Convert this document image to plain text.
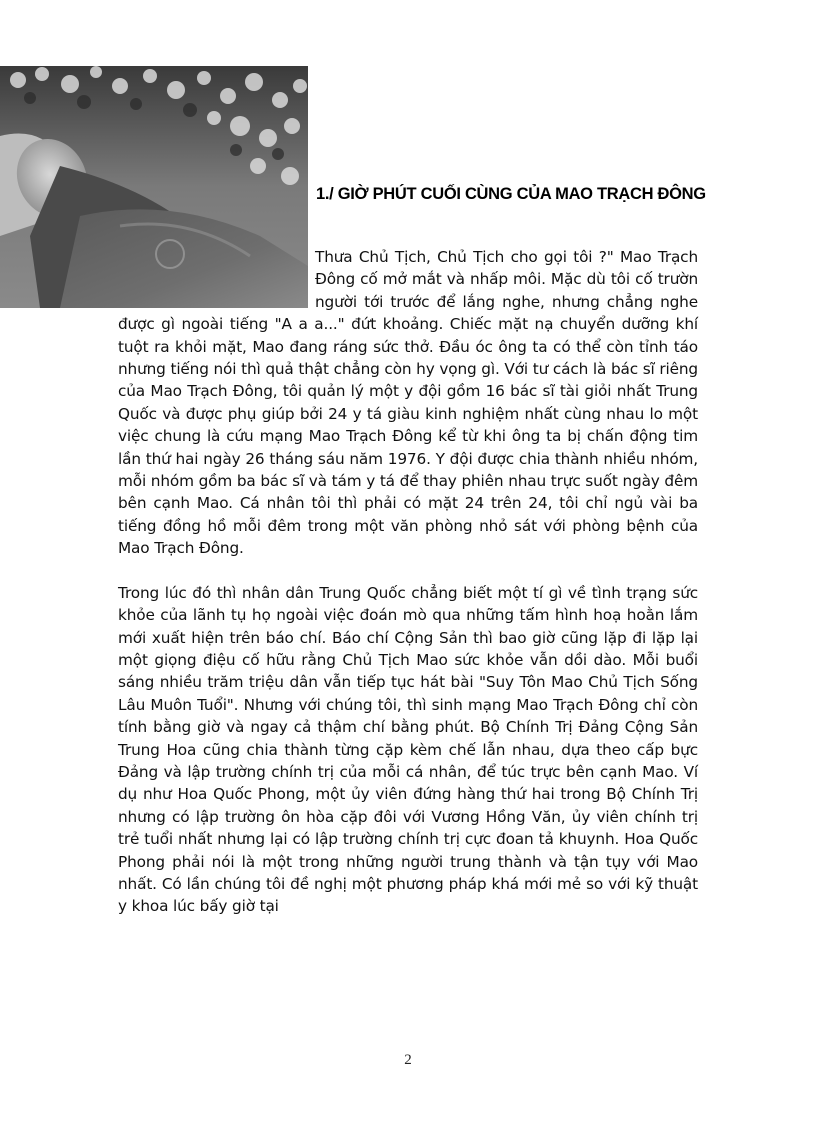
1./ GIỜ PHÚT CUỐI CÙNG CỦA MAO TRẠCH ĐÔNG

Thưa Chủ Tịch, Chủ Tịch cho gọi tôi ?" Mao Trạch Đông cố mở mắt và nhấp môi. Mặc dù tôi cố trườn người tới trước để lắng nghe, nhưng chẳng nghe được gì ngoài tiếng "A a a..." đứt khoảng. Chiếc mặt nạ chuyển dưỡng khí tuột ra khỏi mặt, Mao đang ráng sức thở. Đầu óc ông ta có thể còn tỉnh táo nhưng tiếng nói thì quả thật chẳng còn hy vọng gì. Với tư cách là bác sĩ riêng của Mao Trạch Đông, tôi quản lý một y đội gồm 16 bác sĩ tài giỏi nhất Trung Quốc và được phụ giúp bởi 24 y tá giàu kinh nghiệm nhất cùng nhau lo một việc chung là cứu mạng Mao Trạch Đông kể từ khi ông ta bị chấn động tim lần thứ hai ngày 26 tháng sáu năm 1976. Y đội được chia thành nhiều nhóm, mỗi nhóm gồm ba bác sĩ và tám y tá để thay phiên nhau trực suốt ngày đêm bên cạnh Mao. Cá nhân tôi thì phải có mặt 24 trên 24, tôi chỉ ngủ vài ba tiếng đồng hồ mỗi đêm trong một văn phòng nhỏ sát với phòng bệnh của Mao Trạch Đông.

Trong lúc đó thì nhân dân Trung Quốc chẳng biết một tí gì về tình trạng sức khỏe của lãnh tụ họ ngoài việc đoán mò qua những tấm hình hoạ hoằn lắm mới xuất hiện trên báo chí. Báo chí Cộng Sản thì bao giờ cũng lặp đi lặp lại một giọng điệu cố hữu rằng Chủ Tịch Mao sức khỏe vẫn dồi dào. Mỗi buổi sáng nhiều trăm triệu dân vẫn tiếp tục hát bài "Suy Tôn Mao Chủ Tịch Sống Lâu Muôn Tuổi". Nhưng với chúng tôi, thì sinh mạng Mao Trạch Đông chỉ còn tính bằng giờ và ngay cả thậm chí bằng phút. Bộ Chính Trị Đảng Cộng Sản Trung Hoa cũng chia thành từng cặp kèm chế lẫn nhau, dựa theo cấp bực Đảng và lập trường chính trị của mỗi cá nhân, để túc trực bên cạnh Mao. Ví dụ như Hoa Quốc Phong, một ủy viên đứng hàng thứ hai trong Bộ Chính Trị nhưng có lập trường ôn hòa cặp đôi với Vương Hồng Văn, ủy viên chính trị trẻ tuổi nhất nhưng lại có lập trường chính trị cực đoan tả khuynh. Hoa Quốc Phong phải nói là một trong những người trung thành và tận tụy với Mao nhất. Có lần chúng tôi đề nghị một phương pháp khá mới mẻ so với kỹ thuật y khoa lúc bấy giờ tại

2
